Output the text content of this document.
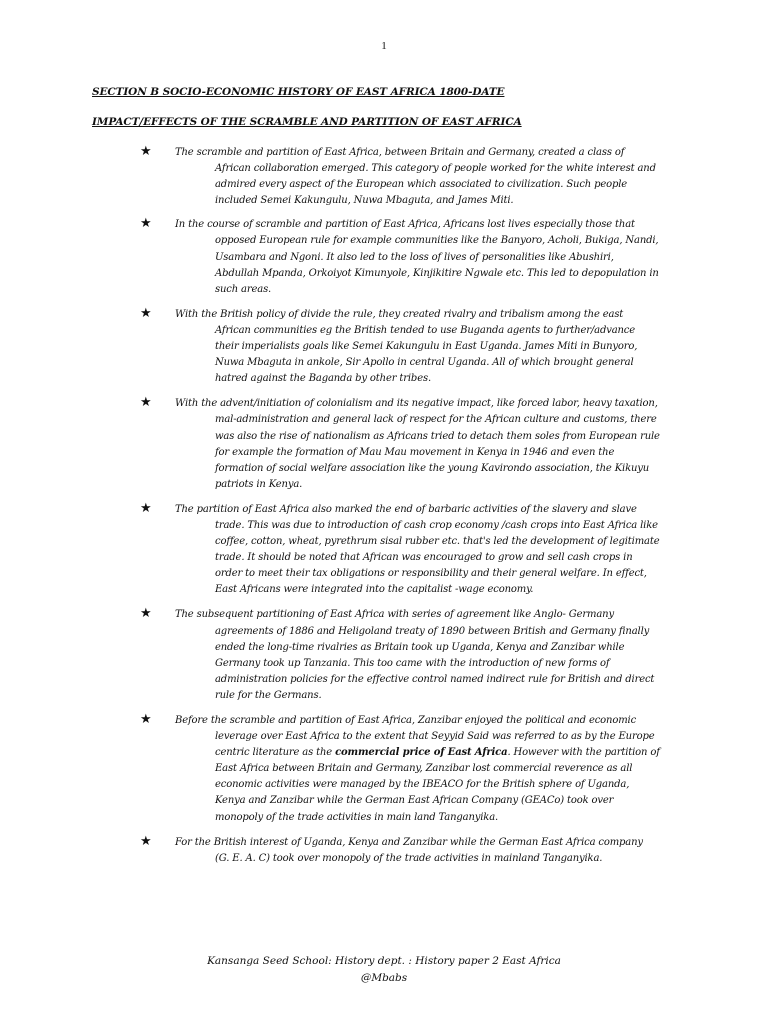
1
SECTION B SOCIO-ECONOMIC HISTORY OF EAST AFRICA 1800-DATE
IMPACT/EFFECTS OF THE SCRAMBLE AND PARTITION OF EAST AFRICA
★ The scramble and partition of East Africa, between Britain and Germany, created a class of African collaboration emerged. This category of people worked for the white interest and admired every aspect of the European which associated to civilization. Such people included Semei Kakungulu, Nuwa Mbaguta, and James Miti.
★ In the course of scramble and partition of East Africa, Africans lost lives especially those that opposed European rule for example communities like the Banyoro, Acholi, Bukiga, Nandi, Usambara and Ngoni. It also led to the loss of lives of personalities like Abushiri, Abdullah Mpanda, Orkoiyot Kimunyole, Kinjikitire Ngwale etc. This led to depopulation in such areas.
★ With the British policy of divide the rule, they created rivalry and tribalism among the east African communities eg the British tended to use Buganda agents to further/advance their imperialists goals like Semei Kakungulu in East Uganda. James Miti in Bunyoro, Nuwa Mbaguta in ankole, Sir Apollo in central Uganda. All of which brought general hatred against the Baganda by other tribes.
★ With the advent/initiation of colonialism and its negative impact, like forced labor, heavy taxation, mal-administration and general lack of respect for the African culture and customs, there was also the rise of nationalism as Africans tried to detach them soles from European rule for example the formation of Mau Mau movement in Kenya in 1946 and even the formation of social welfare association like the young Kavirondo association, the Kikuyu patriots in Kenya.
★ The partition of East Africa also marked the end of barbaric activities of the slavery and slave trade. This was due to introduction of cash crop economy /cash crops into East Africa like coffee, cotton, wheat, pyrethrum sisal rubber etc. that's led the development of legitimate trade. It should be noted that African was encouraged to grow and sell cash crops in order to meet their tax obligations or responsibility and their general welfare. In effect, East Africans were integrated into the capitalist -wage economy.
★ The subsequent partitioning of East Africa with series of agreement like Anglo- Germany agreements of 1886 and Heligoland treaty of 1890 between British and Germany finally ended the long-time rivalries as Britain took up Uganda, Kenya and Zanzibar while Germany took up Tanzania. This too came with the introduction of new forms of administration policies for the effective control named indirect rule for British and direct rule for the Germans.
★ Before the scramble and partition of East Africa, Zanzibar enjoyed the political and economic leverage over East Africa to the extent that Seyyid Said was referred to as by the Europe centric literature as the commercial price of East Africa. However with the partition of East Africa between Britain and Germany, Zanzibar lost commercial reverence as all economic activities were managed by the IBEACO for the British sphere of Uganda, Kenya and Zanzibar while the German East African Company (GEACo) took over monopoly of the trade activities in main land Tanganyika.
★ For the British interest of Uganda, Kenya and Zanzibar while the German East Africa company (G. E. A. C) took over monopoly of the trade activities in mainland Tanganyika.
Kansanga Seed School: History dept. : History paper 2 East Africa
@Mbabs
